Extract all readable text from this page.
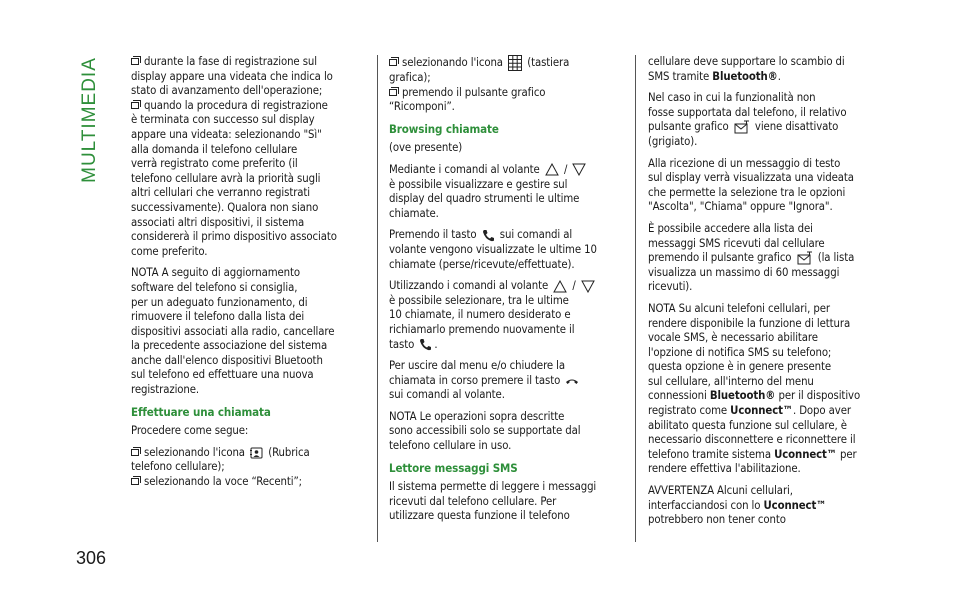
MULTIMEDIA
306

durante la fase di registrazione sul
display appare una videata che indica lo
stato di avanzamento dell'operazione;
quando la procedura di registrazione
è terminata con successo sul display
appare una videata: selezionando "Sì"
alla domanda il telefono cellulare
verrà registrato come preferito (il
telefono cellulare avrà la priorità sugli
altri cellulari che verranno registrati
successivamente). Qualora non siano
associati altri dispositivi, il sistema
considererà il primo dispositivo associato
come preferito.

NOTA A seguito di aggiornamento
software del telefono si consiglia,
per un adeguato funzionamento, di
rimuovere il telefono dalla lista dei
dispositivi associati alla radio, cancellare
la precedente associazione del sistema
anche dall'elenco dispositivi Bluetooth
sul telefono ed effettuare una nuova
registrazione.

Effettuare una chiamata

Procedere come segue:

selezionando l'icona (Rubrica
telefono cellulare);
selezionando la voce “Recenti”;

selezionando l'icona (tastiera
grafica);
premendo il pulsante grafico
“Ricomponi”.

Browsing chiamate

(ove presente)

Mediante i comandi al volante /
è possibile visualizzare e gestire sul
display del quadro strumenti le ultime
chiamate.

Premendo il tasto sui comandi al
volante vengono visualizzate le ultime 10
chiamate (perse/ricevute/effettuate).

Utilizzando i comandi al volante /
è possibile selezionare, tra le ultime
10 chiamate, il numero desiderato e
richiamarlo premendo nuovamente il
tasto .

Per uscire dal menu e/o chiudere la
chiamata in corso premere il tasto
sui comandi al volante.

NOTA Le operazioni sopra descritte
sono accessibili solo se supportate dal
telefono cellulare in uso.

Lettore messaggi SMS

Il sistema permette di leggere i messaggi
ricevuti dal telefono cellulare. Per
utilizzare questa funzione il telefono

cellulare deve supportare lo scambio di
SMS tramite Bluetooth®.

Nel caso in cui la funzionalità non
fosse supportata dal telefono, il relativo
pulsante grafico viene disattivato
(grigiato).

Alla ricezione di un messaggio di testo
sul display verrà visualizzata una videata
che permette la selezione tra le opzioni
"Ascolta", "Chiama" oppure "Ignora".

È possibile accedere alla lista dei
messaggi SMS ricevuti dal cellulare
premendo il pulsante grafico (la lista
visualizza un massimo di 60 messaggi
ricevuti).

NOTA Su alcuni telefoni cellulari, per
rendere disponibile la funzione di lettura
vocale SMS, è necessario abilitare
l'opzione di notifica SMS su telefono;
questa opzione è in genere presente
sul cellulare, all'interno del menu
connessioni Bluetooth® per il dispositivo
registrato come Uconnect™. Dopo aver
abilitato questa funzione sul cellulare, è
necessario disconnettere e riconnettere il
telefono tramite sistema Uconnect™ per
rendere effettiva l'abilitazione.

AVVERTENZA Alcuni cellulari,
interfacciandosi con lo Uconnect™
potrebbero non tener conto
